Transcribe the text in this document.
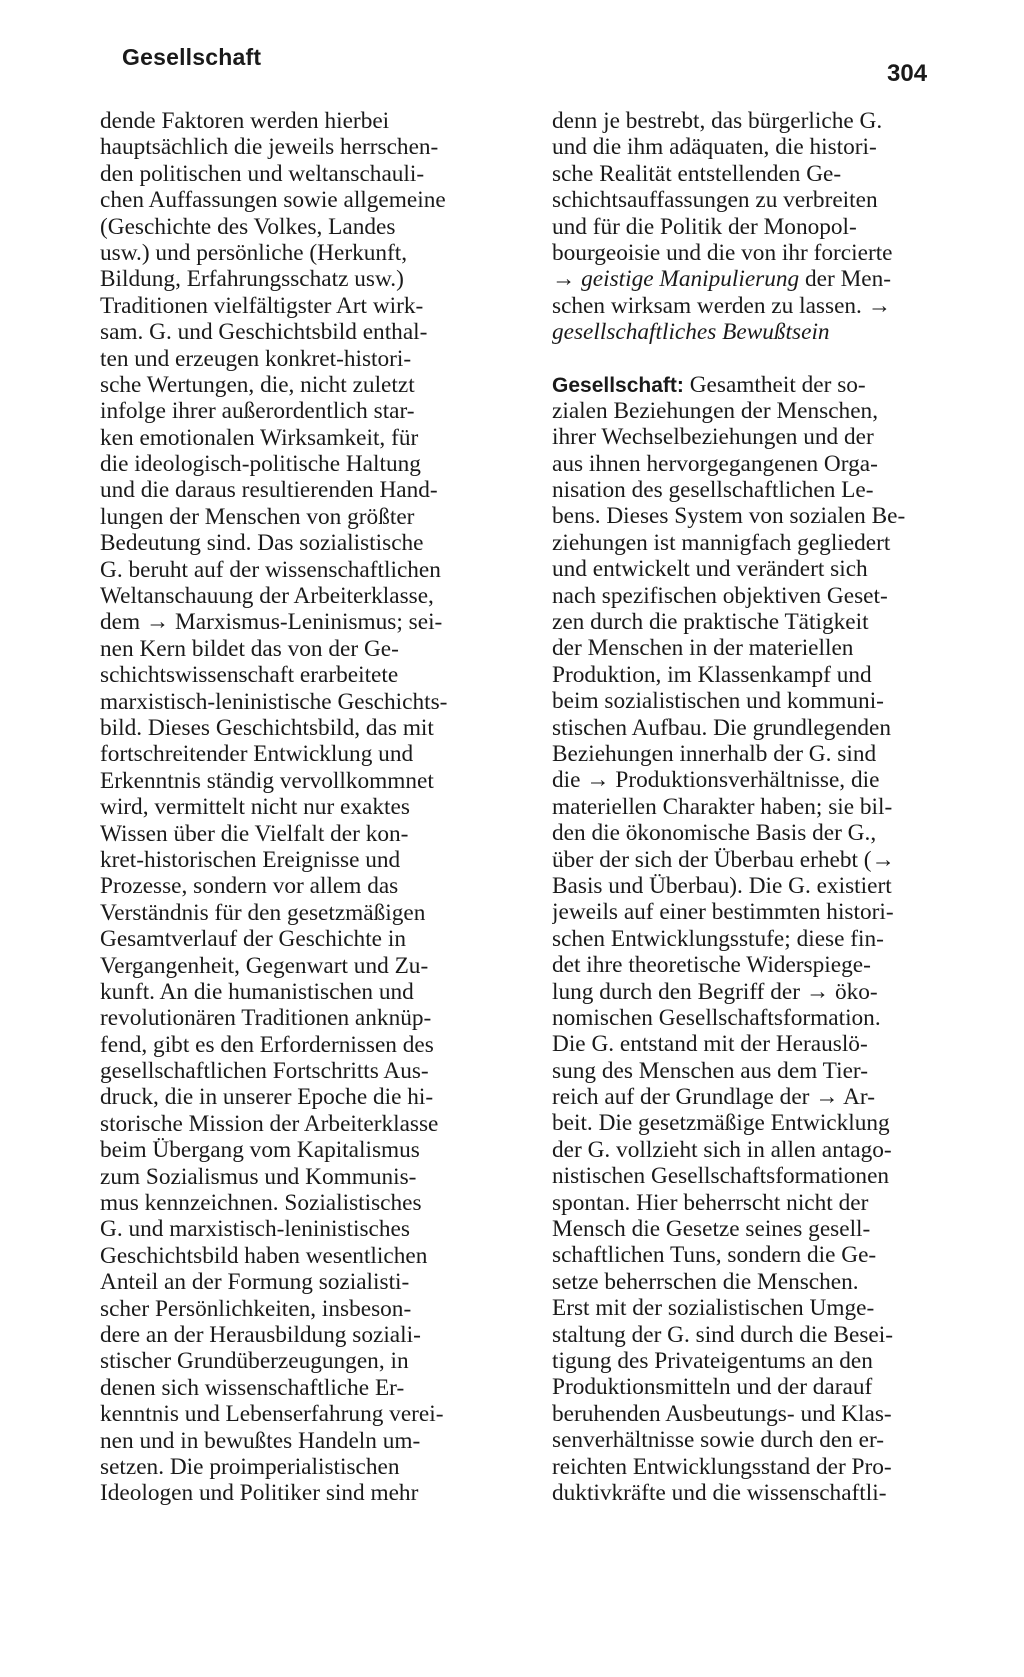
Gesellschaft
304
dende Faktoren werden hierbei
hauptsächlich die jeweils herrschen-
den politischen und weltanschauli-
chen Auffassungen sowie allgemeine
(Geschichte des Volkes, Landes
usw.) und persönliche (Herkunft,
Bildung, Erfahrungsschatz usw.)
Traditionen vielfältigster Art wirk-
sam. G. und Geschichtsbild enthal-
ten und erzeugen konkret-histori-
sche Wertungen, die, nicht zuletzt
infolge ihrer außerordentlich star-
ken emotionalen Wirksamkeit, für
die ideologisch-politische Haltung
und die daraus resultierenden Hand-
lungen der Menschen von größter
Bedeutung sind. Das sozialistische
G. beruht auf der wissenschaftlichen
Weltanschauung der Arbeiterklasse,
dem → Marxismus-Leninismus; sei-
nen Kern bildet das von der Ge-
schichtswissenschaft erarbeitete
marxistisch-leninistische Geschichts-
bild. Dieses Geschichtsbild, das mit
fortschreitender Entwicklung und
Erkenntnis ständig vervollkommnet
wird, vermittelt nicht nur exaktes
Wissen über die Vielfalt der kon-
kret-historischen Ereignisse und
Prozesse, sondern vor allem das
Verständnis für den gesetzmäßigen
Gesamtverlauf der Geschichte in
Vergangenheit, Gegenwart und Zu-
kunft. An die humanistischen und
revolutionären Traditionen anknüp-
fend, gibt es den Erfordernissen des
gesellschaftlichen Fortschritts Aus-
druck, die in unserer Epoche die hi-
storische Mission der Arbeiterklasse
beim Übergang vom Kapitalismus
zum Sozialismus und Kommunis-
mus kennzeichnen. Sozialistisches
G. und marxistisch-leninistisches
Geschichtsbild haben wesentlichen
Anteil an der Formung sozialisti-
scher Persönlichkeiten, insbeson-
dere an der Herausbildung soziali-
stischer Grundüberzeugungen, in
denen sich wissenschaftliche Er-
kenntnis und Lebenserfahrung verei-
nen und in bewußtes Handeln um-
setzen. Die proimperialistischen
Ideologen und Politiker sind mehr
denn je bestrebt, das bürgerliche G.
und die ihm adäquaten, die histori-
sche Realität entstellenden Ge-
schichtsauffassungen zu verbreiten
und für die Politik der Monopol-
bourgeoisie und die von ihr forcierte
→ geistige Manipulierung der Men-
schen wirksam werden zu lassen. →
gesellschaftliches Bewußtsein
Gesellschaft: Gesamtheit der so-
zialen Beziehungen der Menschen,
ihrer Wechselbeziehungen und der
aus ihnen hervorgegangenen Orga-
nisation des gesellschaftlichen Le-
bens. Dieses System von sozialen Be-
ziehungen ist mannigfach gegliedert
und entwickelt und verändert sich
nach spezifischen objektiven Geset-
zen durch die praktische Tätigkeit
der Menschen in der materiellen
Produktion, im Klassenkampf und
beim sozialistischen und kommuni-
stischen Aufbau. Die grundlegenden
Beziehungen innerhalb der G. sind
die → Produktionsverhältnisse, die
materiellen Charakter haben; sie bil-
den die ökonomische Basis der G.,
über der sich der Überbau erhebt (→
Basis und Überbau). Die G. existiert
jeweils auf einer bestimmten histori-
schen Entwicklungsstufe; diese fin-
det ihre theoretische Widerspiege-
lung durch den Begriff der → öko-
nomischen Gesellschaftsformation.
Die G. entstand mit der Herauslö-
sung des Menschen aus dem Tier-
reich auf der Grundlage der → Ar-
beit. Die gesetzmäßige Entwicklung
der G. vollzieht sich in allen antago-
nistischen Gesellschaftsformationen
spontan. Hier beherrscht nicht der
Mensch die Gesetze seines gesell-
schaftlichen Tuns, sondern die Ge-
setze beherrschen die Menschen.
Erst mit der sozialistischen Umge-
staltung der G. sind durch die Besei-
tigung des Privateigentums an den
Produktionsmitteln und der darauf
beruhenden Ausbeutungs- und Klas-
senverhältnisse sowie durch den er-
reichten Entwicklungsstand der Pro-
duktivkräfte und die wissenschaftli-
